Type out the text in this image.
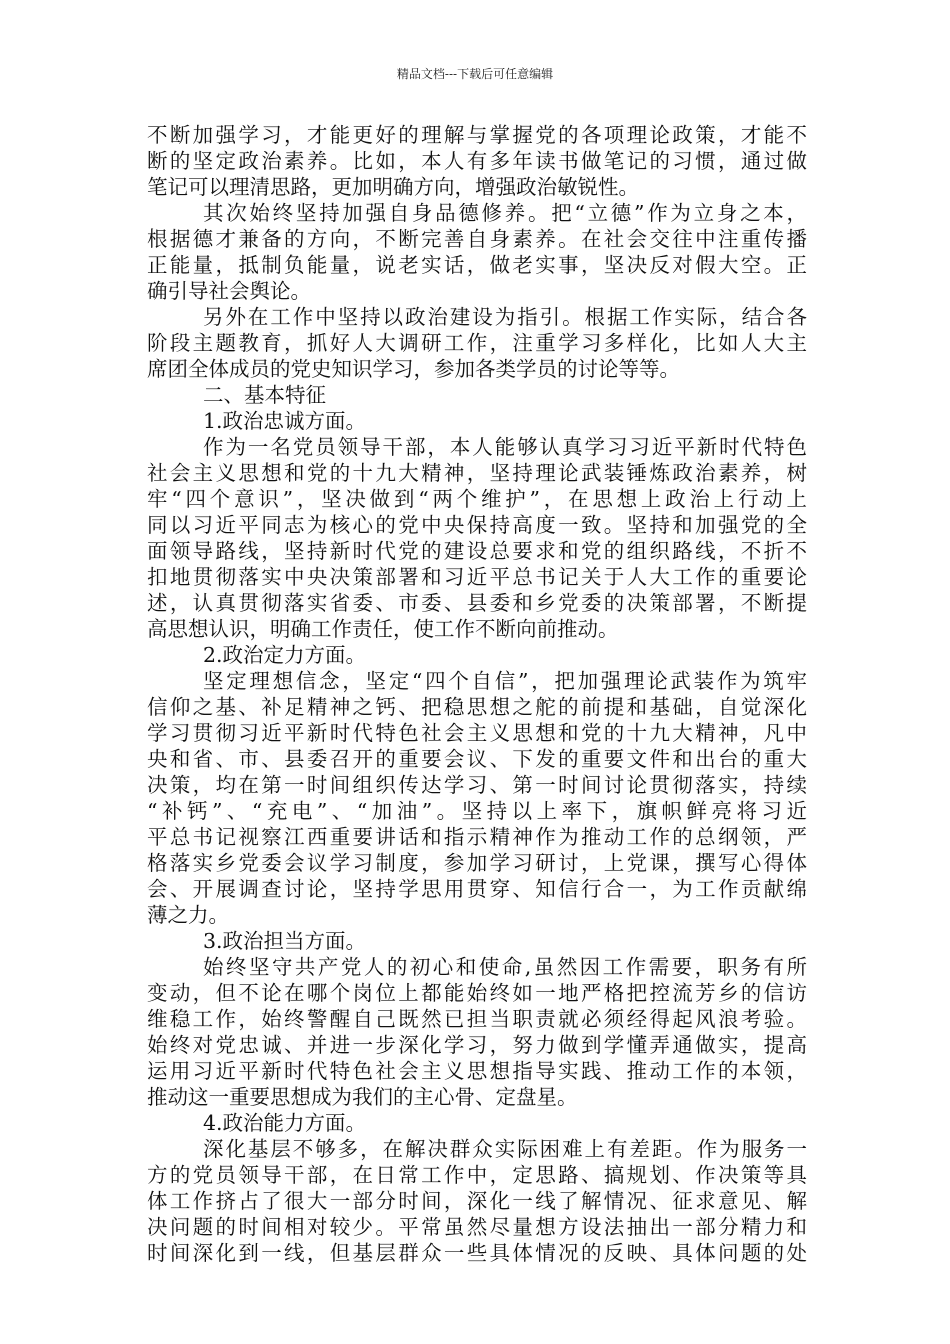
精品文档---下载后可任意编辑
不断加强学习，才能更好的理解与掌握党的各项理论政策，才能不
断的坚定政治素养。比如，本人有多年读书做笔记的习惯，通过做
笔记可以理清思路，更加明确方向，增强政治敏锐性。
其次始终坚持加强自身品德修养。把“立德”作为立身之本，
根据德才兼备的方向，不断完善自身素养。在社会交往中注重传播
正能量，抵制负能量，说老实话，做老实事，坚决反对假大空。正
确引导社会舆论。
另外在工作中坚持以政治建设为指引。根据工作实际，结合各
阶段主题教育，抓好人大调研工作，注重学习多样化，比如人大主
席团全体成员的党史知识学习，参加各类学员的讨论等等。
二、基本特征
1.政治忠诚方面。
作为一名党员领导干部，本人能够认真学习习近平新时代特色
社会主义思想和党的十九大精神，坚持理论武装锤炼政治素养，树
牢“四个意识”，坚决做到“两个维护”，在思想上政治上行动上
同以习近平同志为核心的党中央保持高度一致。坚持和加强党的全
面领导路线，坚持新时代党的建设总要求和党的组织路线，不折不
扣地贯彻落实中央决策部署和习近平总书记关于人大工作的重要论
述，认真贯彻落实省委、市委、县委和乡党委的决策部署，不断提
高思想认识，明确工作责任，使工作不断向前推动。
2.政治定力方面。
坚定理想信念，坚定“四个自信”，把加强理论武装作为筑牢
信仰之基、补足精神之钙、把稳思想之舵的前提和基础，自觉深化
学习贯彻习近平新时代特色社会主义思想和党的十九大精神，凡中
央和省、市、县委召开的重要会议、下发的重要文件和出台的重大
决策，均在第一时间组织传达学习、第一时间讨论贯彻落实，持续
“补钙”、“充电”、“加油”。坚持以上率下，旗帜鲜亮将习近
平总书记视察江西重要讲话和指示精神作为推动工作的总纲领，严
格落实乡党委会议学习制度，参加学习研讨，上党课，撰写心得体
会、开展调查讨论，坚持学思用贯穿、知信行合一，为工作贡献绵
薄之力。
3.政治担当方面。
始终坚守共产党人的初心和使命,虽然因工作需要，职务有所
变动，但不论在哪个岗位上都能始终如一地严格把控流芳乡的信访
维稳工作，始终警醒自己既然已担当职责就必须经得起风浪考验。
始终对党忠诚、并进一步深化学习，努力做到学懂弄通做实，提高
运用习近平新时代特色社会主义思想指导实践、推动工作的本领，
推动这一重要思想成为我们的主心骨、定盘星。
4.政治能力方面。
深化基层不够多，在解决群众实际困难上有差距。作为服务一
方的党员领导干部，在日常工作中，定思路、搞规划、作决策等具
体工作挤占了很大一部分时间，深化一线了解情况、征求意见、解
决问题的时间相对较少。平常虽然尽量想方设法抽出一部分精力和
时间深化到一线，但基层群众一些具体情况的反映、具体问题的处
